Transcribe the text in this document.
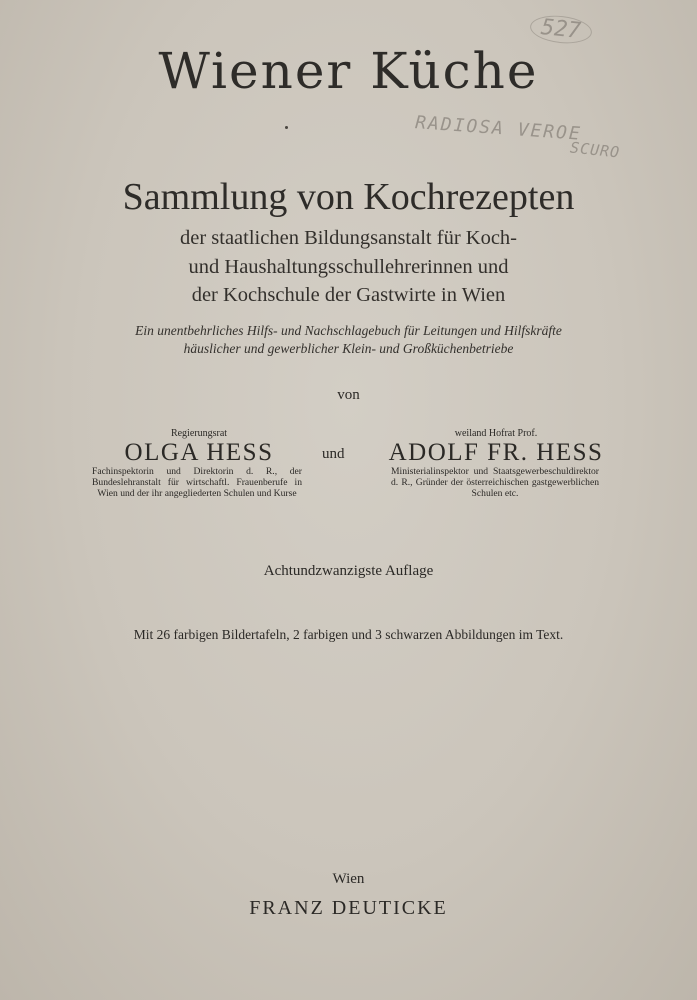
527
RADIOSA VEROE
SCURO
Wiener Küche
Sammlung von Kochrezepten
der staatlichen Bildungsanstalt für Koch-
und Haushaltungsschullehrerinnen und
der Kochschule der Gastwirte in Wien
Ein unentbehrliches Hilfs- und Nachschlagebuch für Leitungen und Hilfskräfte
häuslicher und gewerblicher Klein- und Großküchenbetriebe
von
Regierungsrat
OLGA HESS
Fachinspektorin und Direktorin d. R., der Bundeslehranstalt für wirtschaftl. Frauenberufe in Wien und der ihr angegliederten Schulen und Kurse
und
weiland Hofrat Prof.
ADOLF FR. HESS
Ministerialinspektor und Staatsgewerbeschuldirektor d. R., Gründer der österreichischen gastgewerblichen Schulen etc.
Achtundzwanzigste Auflage
Mit 26 farbigen Bildertafeln, 2 farbigen und 3 schwarzen Abbildungen im Text.
Wien
FRANZ DEUTICKE
